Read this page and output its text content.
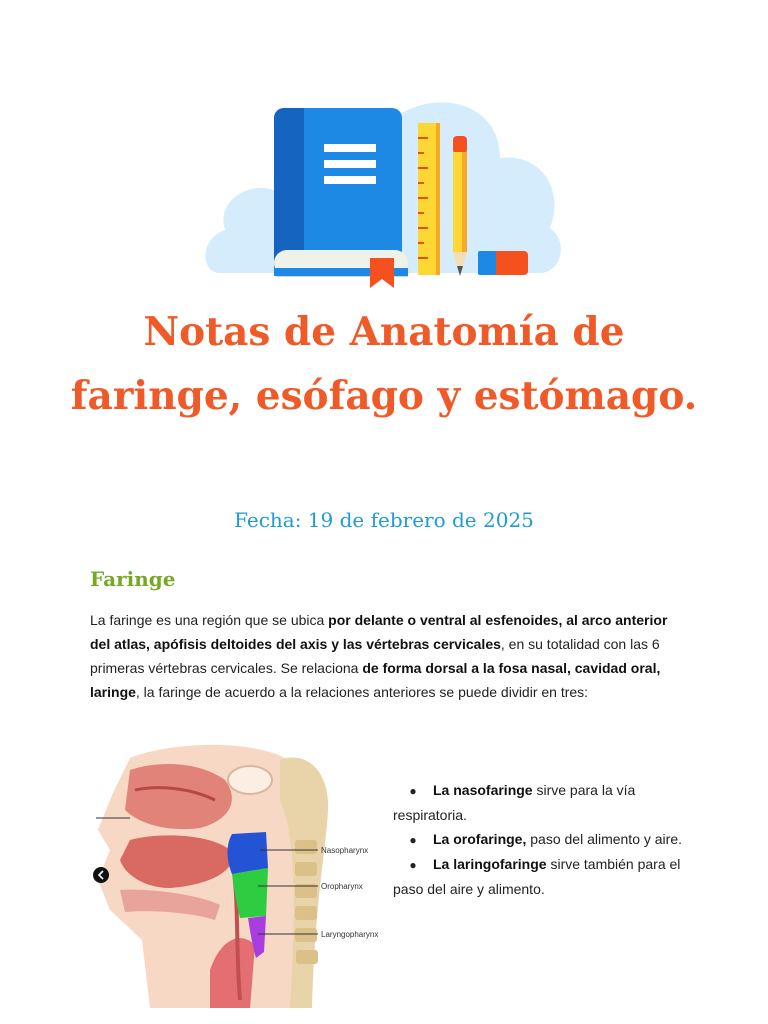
Notas de Anatomía de faringe, esófago y estómago.
Fecha: 19 de febrero de 2025
Faringe

La faringe es una región que se ubica por delante o ventral al esfenoides, al arco anterior del atlas, apófisis deltoides del axis y las vértebras cervicales, en su totalidad con las 6 primeras vértebras cervicales. Se relaciona de forma dorsal a la fosa nasal, cavidad oral, laringe, la faringe de acuerdo a la relaciones anteriores se puede dividir en tres:

Nasopharynx
Oropharynx
Laryngopharynx
● La nasofaringe sirve para la vía respiratoria.
● La orofaringe, paso del alimento y aire.
● La laringofaringe sirve también para el paso del aire y alimento.
